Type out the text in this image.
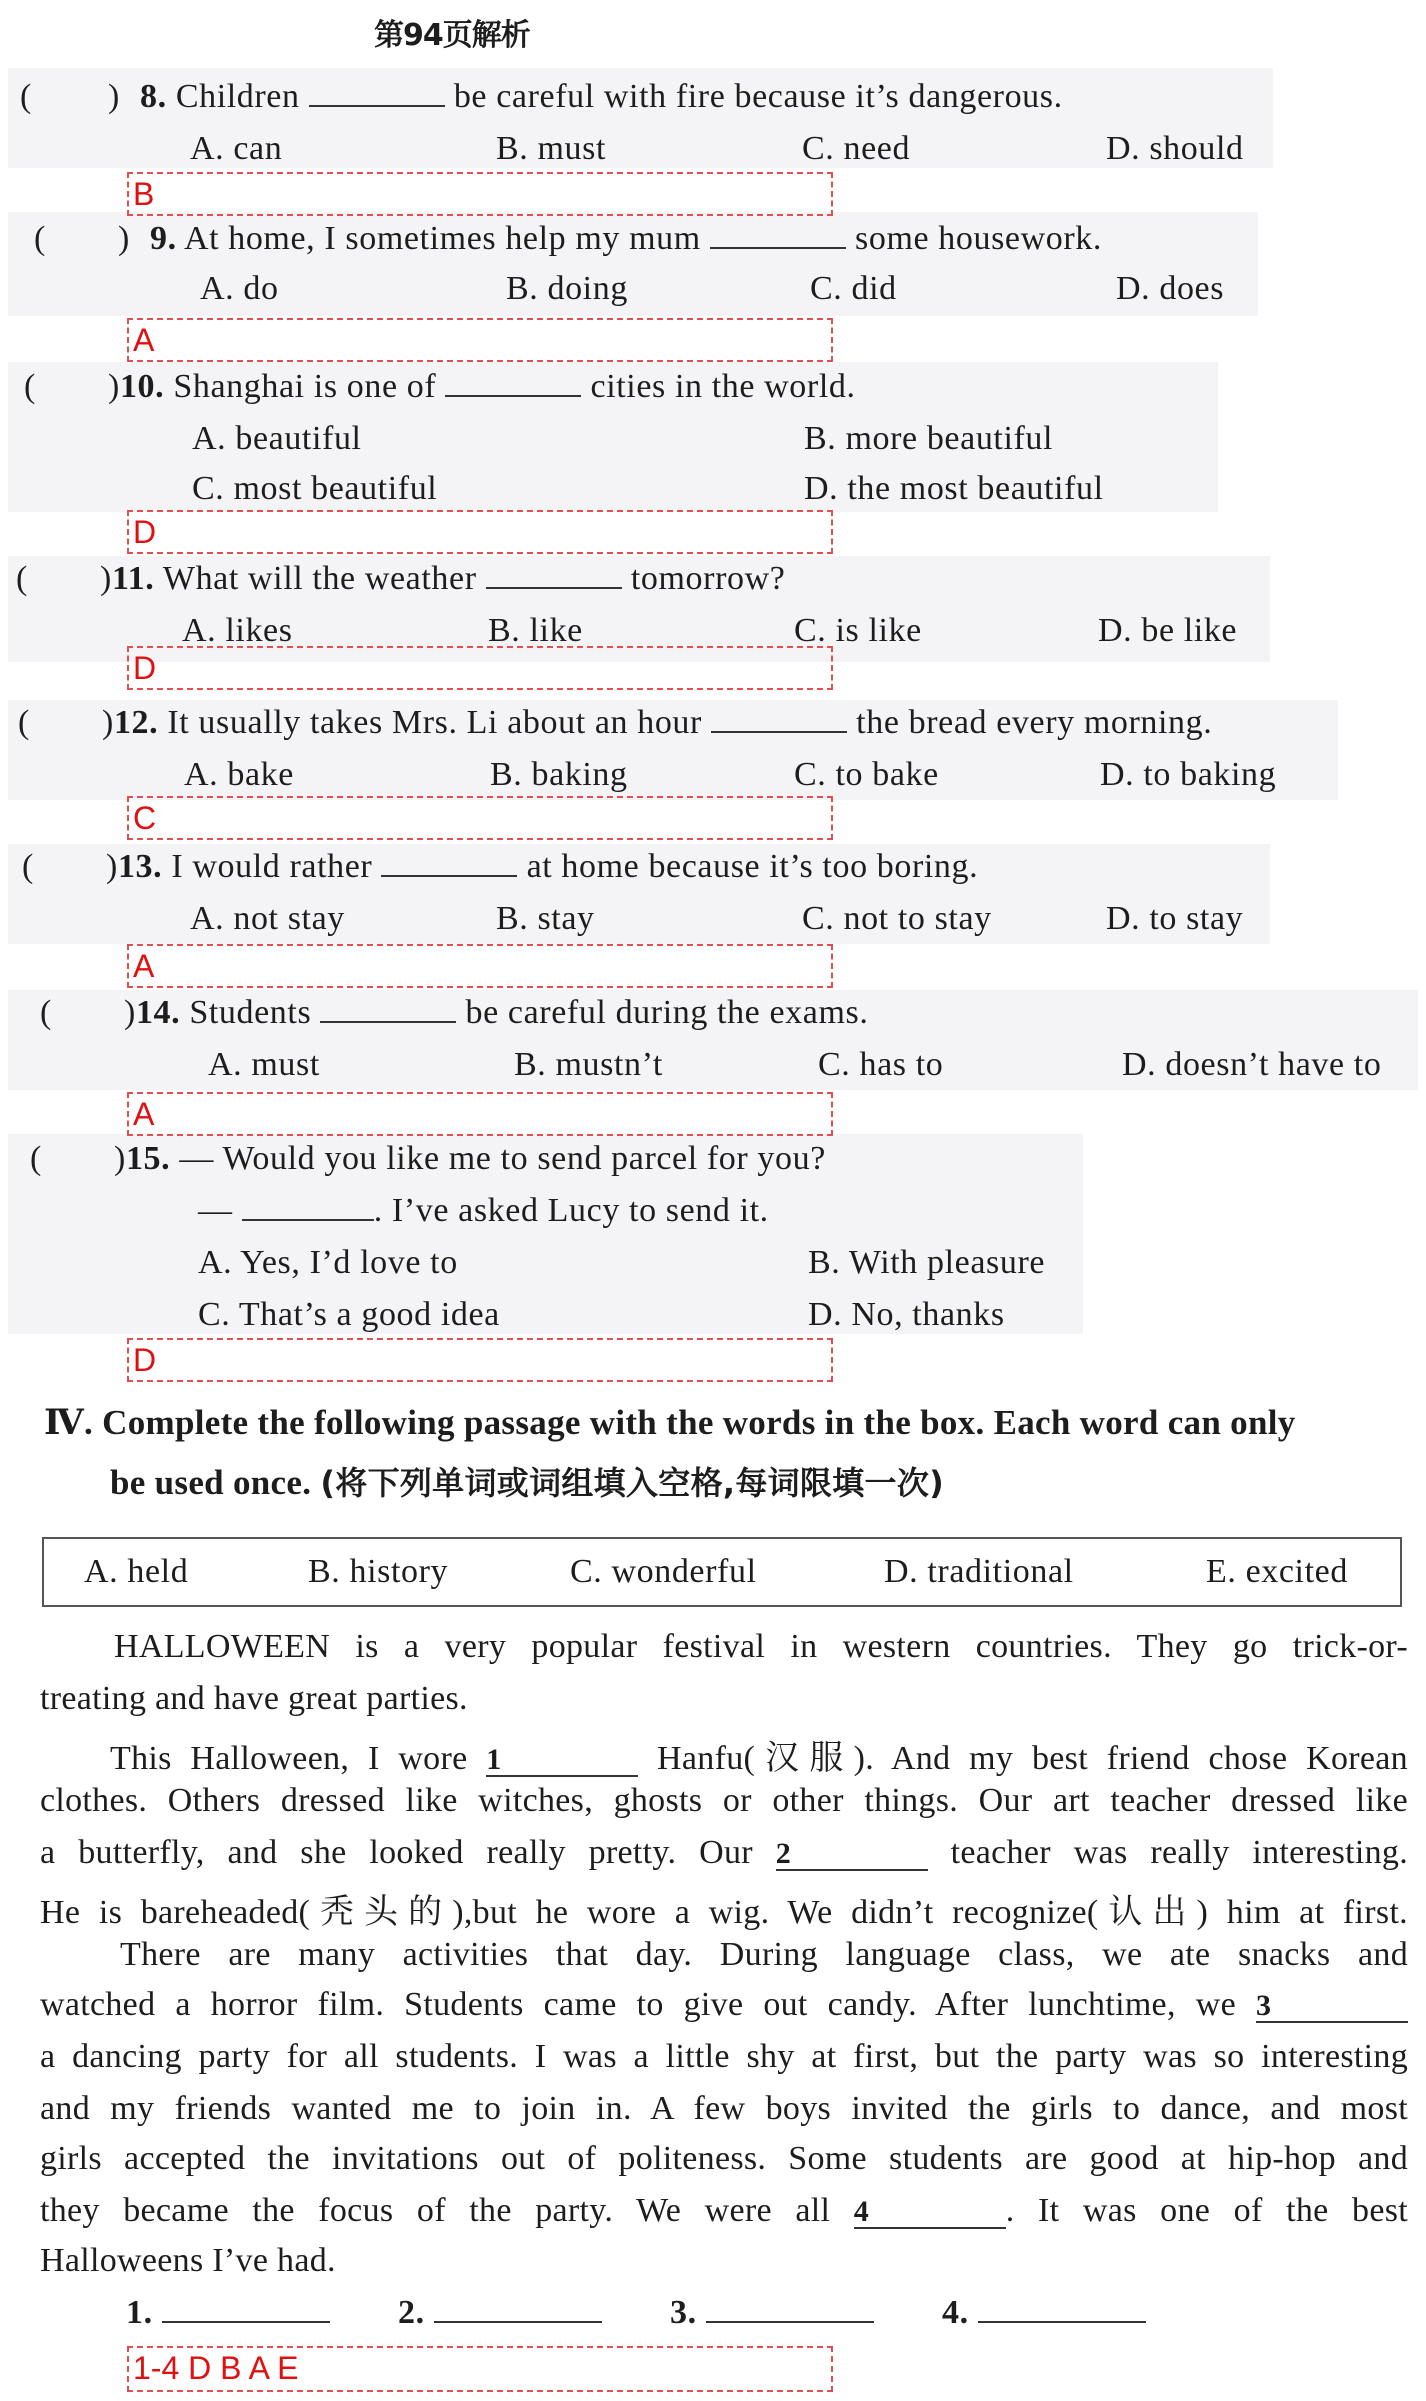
第94页解析
( ) 8. Children	be careful with fire because it’s dangerous.
A. can	B. must	C. need	D. should
B
( ) 9. At home, I sometimes help my mum	some housework.
A. do	B. doing	C. did	D. does
A
( )10. Shanghai is one of	cities in the world.
A. beautiful	B. more beautiful
C. most beautiful	D. the most beautiful
D
( )11. What will the weather	tomorrow?
A. likes	B. like	C. is like	D. be like
D
( )12. It usually takes Mrs. Li about an hour	the bread every morning.
A. bake	B. baking	C. to bake	D. to baking
C
( )13. I would rather	at home because it’s too boring.
A. not stay	B. stay	C. not to stay	D. to stay
A
( )14. Students	be careful during the exams.
A. must	B. mustn’t	C. has to	D. doesn’t have to
A
( )15. — Would you like me to send parcel for you?
—	. I’ve asked Lucy to send it.
A. Yes, I’d love to	B. With pleasure
C. That’s a good idea	D. No, thanks
D
Ⅳ. Complete the following passage with the words in the box. Each word can only
be used once. (将下列单词或词组填入空格,每词限填一次)
A. held	B. history	C. wonderful	D. traditional	E. excited
HALLOWEEN is a very popular festival in western countries. They go trick-or-
treating and have great parties.
This Halloween, I wore 1	Hanfu(汉服). And my best friend chose Korean
clothes. Others dressed like witches, ghosts or other things. Our art teacher dressed like
a butterfly, and she looked really pretty. Our 2	teacher was really interesting.
He is bareheaded(秃头的),but he wore a wig. We didn’t recognize(认出) him at first.
There are many activities that day. During language class, we ate snacks and
watched a horror film. Students came to give out candy. After lunchtime, we 3
a dancing party for all students. I was a little shy at first, but the party was so interesting
and my friends wanted me to join in. A few boys invited the girls to dance, and most
girls accepted the invitations out of politeness. Some students are good at hip-hop and
they became the focus of the party. We were all 4	. It was one of the best
Halloweens I’ve had.
1.	2.	3.	4.
1-4 D B A E
